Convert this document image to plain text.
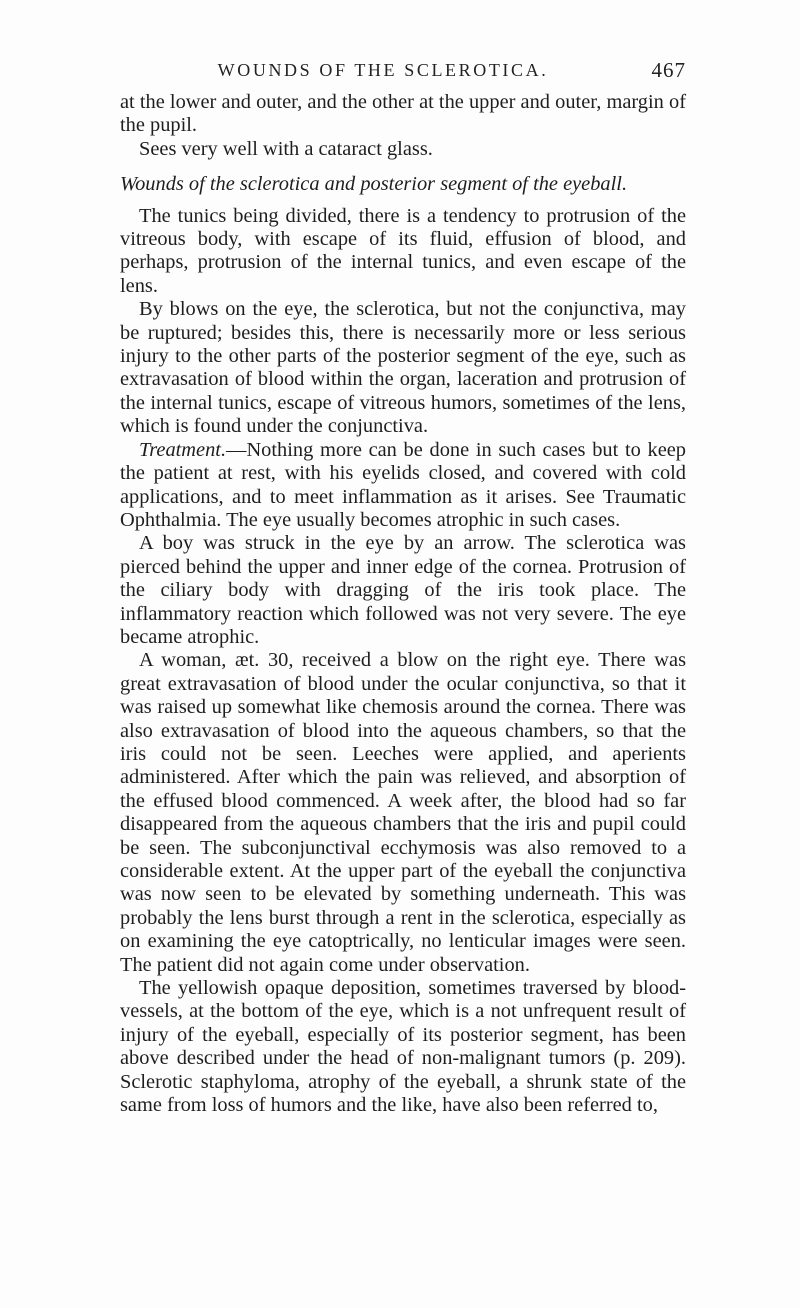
WOUNDS OF THE SCLEROTICA.	467

at the lower and outer, and the other at the upper and outer, margin of the pupil.

Sees very well with a cataract glass.

Wounds of the sclerotica and posterior segment of the eyeball.

The tunics being divided, there is a tendency to protrusion of the vitreous body, with escape of its fluid, effusion of blood, and perhaps, protrusion of the internal tunics, and even escape of the lens.

By blows on the eye, the sclerotica, but not the conjunctiva, may be ruptured; besides this, there is necessarily more or less serious injury to the other parts of the posterior segment of the eye, such as extravasation of blood within the organ, laceration and protrusion of the internal tunics, escape of vitreous humors, sometimes of the lens, which is found under the conjunctiva.

Treatment.—Nothing more can be done in such cases but to keep the patient at rest, with his eyelids closed, and covered with cold applications, and to meet inflammation as it arises. See Traumatic Ophthalmia. The eye usually becomes atrophic in such cases.

A boy was struck in the eye by an arrow. The sclerotica was pierced behind the upper and inner edge of the cornea. Protrusion of the ciliary body with dragging of the iris took place. The inflammatory reaction which followed was not very severe. The eye became atrophic.

A woman, æt. 30, received a blow on the right eye. There was great extravasation of blood under the ocular conjunctiva, so that it was raised up somewhat like chemosis around the cornea. There was also extravasation of blood into the aqueous chambers, so that the iris could not be seen. Leeches were applied, and aperients administered. After which the pain was relieved, and absorption of the effused blood commenced. A week after, the blood had so far disappeared from the aqueous chambers that the iris and pupil could be seen. The subconjunctival ecchymosis was also removed to a considerable extent. At the upper part of the eyeball the conjunctiva was now seen to be elevated by something underneath. This was probably the lens burst through a rent in the sclerotica, especially as on examining the eye catoptrically, no lenticular images were seen. The patient did not again come under observation.

The yellowish opaque deposition, sometimes traversed by blood-vessels, at the bottom of the eye, which is a not unfrequent result of injury of the eyeball, especially of its posterior segment, has been above described under the head of non-malignant tumors (p. 209). Sclerotic staphyloma, atrophy of the eyeball, a shrunk state of the same from loss of humors and the like, have also been referred to,
